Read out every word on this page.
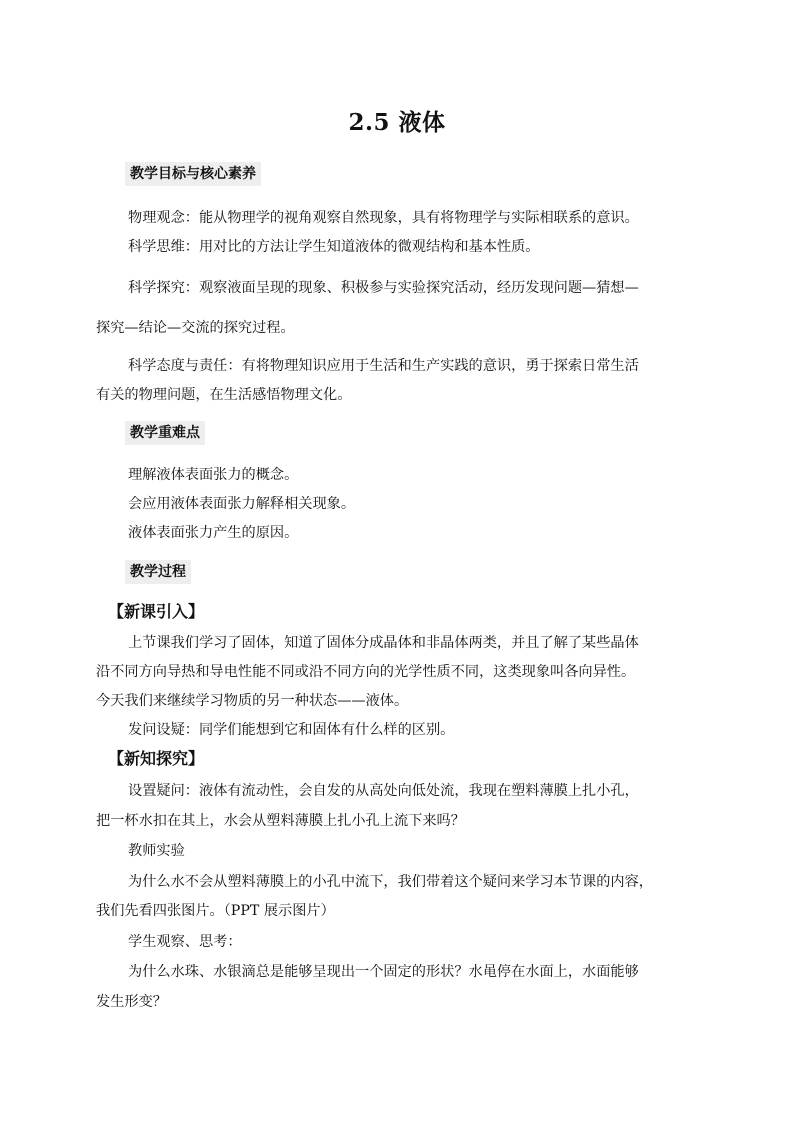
2.5 液体
教学目标与核心素养
物理观念：能从物理学的视角观察自然现象，具有将物理学与实际相联系的意识。
科学思维：用对比的方法让学生知道液体的微观结构和基本性质。
科学探究：观察液面呈现的现象、积极参与实验探究活动，经历发现问题—猜想—
探究—结论—交流的探究过程。
科学态度与责任：有将物理知识应用于生活和生产实践的意识，勇于探索日常生活
有关的物理问题，在生活感悟物理文化。
教学重难点
理解液体表面张力的概念。
会应用液体表面张力解释相关现象。
液体表面张力产生的原因。
教学过程
【新课引入】
上节课我们学习了固体，知道了固体分成晶体和非晶体两类，并且了解了某些晶体
沿不同方向导热和导电性能不同或沿不同方向的光学性质不同，这类现象叫各向异性。
今天我们来继续学习物质的另一种状态——液体。
发问设疑：同学们能想到它和固体有什么样的区别。
【新知探究】
设置疑问：液体有流动性，会自发的从高处向低处流，我现在塑料薄膜上扎小孔，
把一杯水扣在其上，水会从塑料薄膜上扎小孔上流下来吗？
教师实验
为什么水不会从塑料薄膜上的小孔中流下，我们带着这个疑问来学习本节课的内容，
我们先看四张图片。（PPT 展示图片）
学生观察、思考：
为什么水珠、水银滴总是能够呈现出一个固定的形状？水黾停在水面上，水面能够
发生形变？
